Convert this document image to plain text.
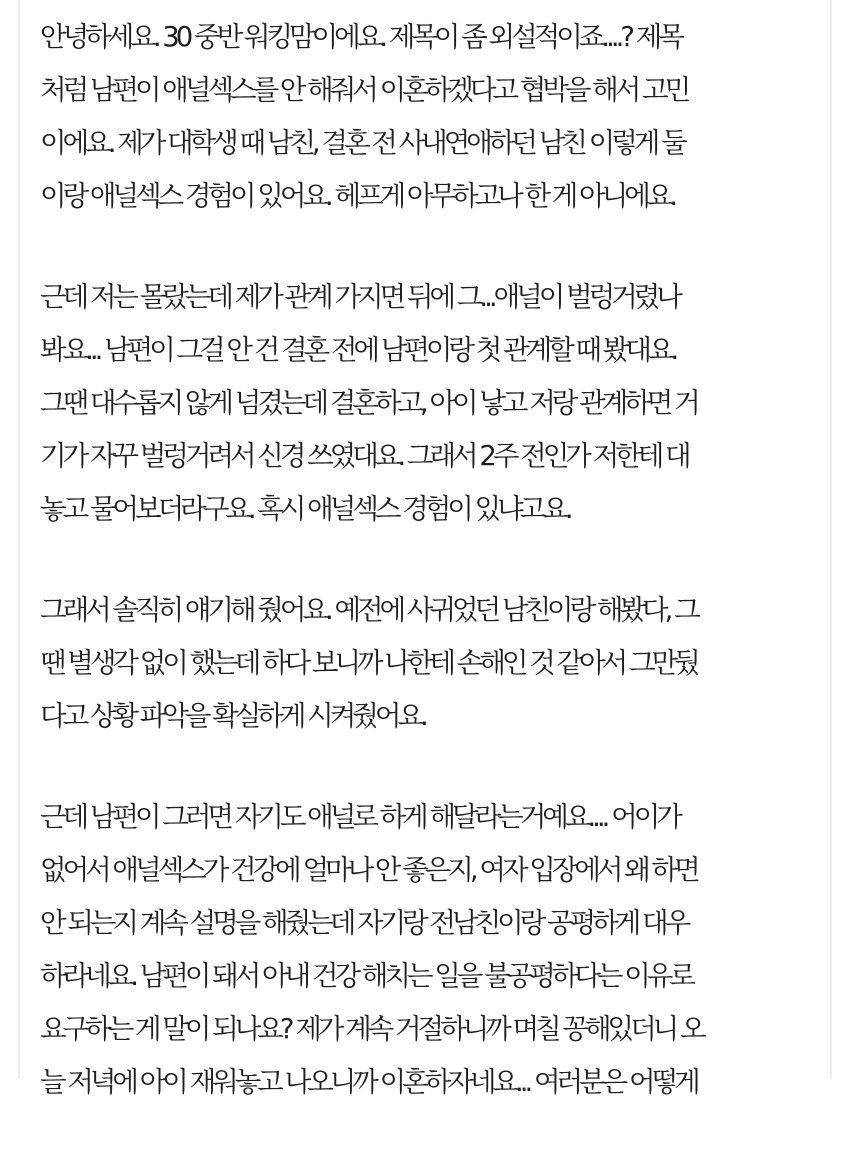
안녕하세요. 30 중반 워킹맘이에요. 제목이 좀 외설적이죠....? 제목
처럼 남편이 애널섹스를 안 해줘서 이혼하겠다고 협박을 해서 고민
이에요. 제가 대학생 때 남친, 결혼 전 사내연애하던 남친 이렇게 둘
이랑 애널섹스 경험이 있어요. 헤프게 아무하고나 한 게 아니에요.

근데 저는 몰랐는데 제가 관계 가지면 뒤에 그...애널이 벌렁거렸나
봐요... 남편이 그걸 안 건 결혼 전에 남편이랑 첫 관계할 때 봤대요.
그땐 대수롭지 않게 넘겼는데 결혼하고, 아이 낳고 저랑 관계하면 거
기가 자꾸 벌렁거려서 신경 쓰였대요. 그래서 2주 전인가 저한테 대
놓고 물어보더라구요. 혹시 애널섹스 경험이 있냐고요.

그래서 솔직히 얘기해 줬어요. 예전에 사귀었던 남친이랑 해봤다, 그
땐 별생각 없이 했는데 하다 보니까 나한테 손해인 것 같아서 그만뒀
다고 상황 파악을 확실하게 시켜줬어요.

근데 남편이 그러면 자기도 애널로 하게 해달라는거예요.... 어이가
없어서 애널섹스가 건강에 얼마나 안 좋은지, 여자 입장에서 왜 하면
안 되는지 계속 설명을 해줬는데 자기랑 전남친이랑 공평하게 대우
하라네요. 남편이 돼서 아내 건강 해치는 일을 불공평하다는 이유로
요구하는 게 말이 되나요? 제가 계속 거절하니까 며칠 꽁해있더니 오
늘 저녁에 아이 재워놓고 나오니까 이혼하자네요... 여러분은 어떻게
